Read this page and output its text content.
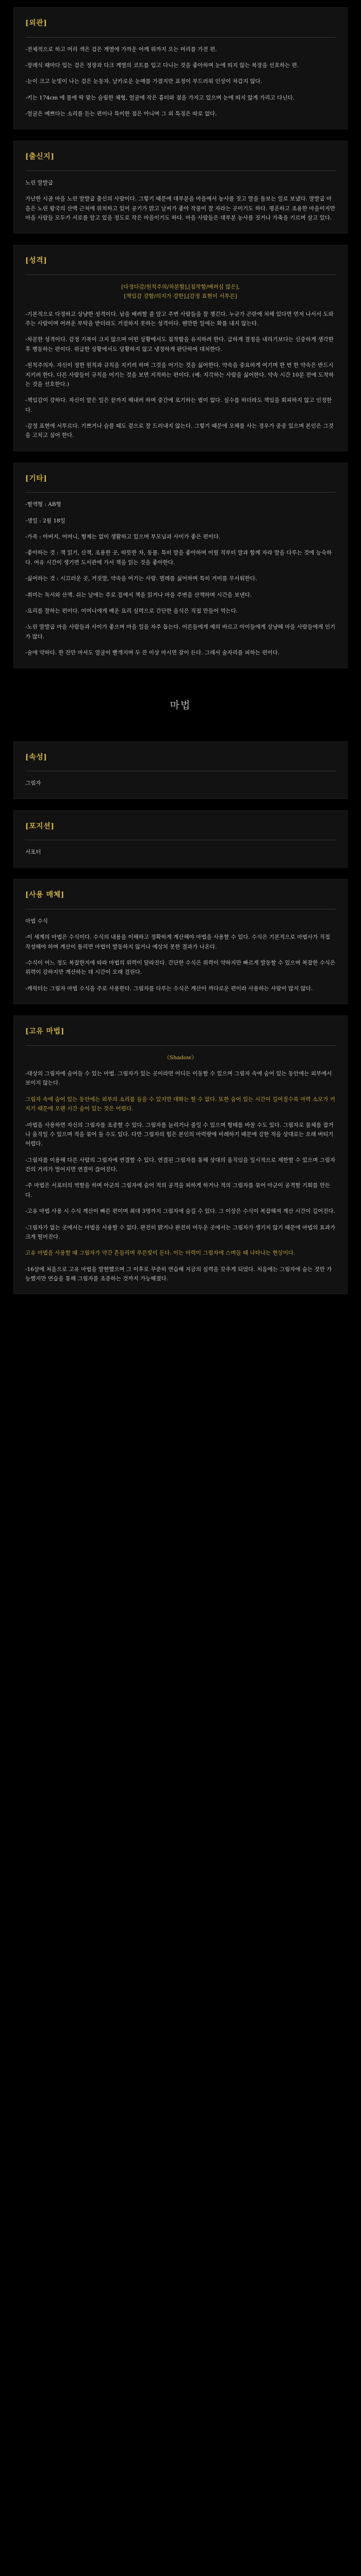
[외관]

-전체적으로 하고 머리 색은 검은 계열에 가까운 어깨 위까지 오는 머리를 가진 편.

-장례식 때마다 입는 검은 정장과 다크 계열의 코트를 입고 다니는 것을 좋아하며 눈에 띄지 않는 복장을 선호하는 편.

-눈이 크고 눈빛이 나는 검은 눈동자. 날카로운 눈매를 가졌지만 표정이 부드러워 인상이 차갑지 않다.

-키는 174cm 에 몸에 딱 맞는 슬림한 체형, 얼굴에 작은 흉터와 점을 가지고 있으며 눈에 띄지 않게 가리고 다닌다.

-얼굴은 예쁘다는 소리를 듣는 편이나 특이한 점은 아니며 그 외 특징은 따로 없다.

[출신지]

노린 말발굽

가난한 시골 마을 노린 말발굽 출신의 사람이다. 그렇기 때문에 대부분을 마을에서 농사를 짓고 말을 돌보는 일로 보냈다. 말발굽 마을은 노린 왕국의 산맥 근처에 위치하고 있어 공기가 맑고 날씨가 좋아 작물이 잘 자라는 곳이기도 하다. 평온하고 조용한 마을이지만 마을 사람들 모두가 서로를 알고 있을 정도로 작은 마을이기도 하다. 마을 사람들은 대부분 농사를 짓거나 가축을 기르며 살고 있다.

[성격]
[다정다감/원칙주의/차분함],[침착함/배려심 많은],
[책임감 강함/의지가 강한],[감정 표현이 서투른]

-기본적으로 다정하고 상냥한 성격이다. 남을 배려할 줄 알고 주변 사람들을 잘 챙긴다. 누군가 곤란에 처해 있다면 먼저 나서서 도와주는 사람이며 어려운 부탁을 받더라도 거절하지 못하는 성격이다. 웬만한 일에는 화를 내지 않는다.

-차분한 성격이다. 감정 기복이 크지 않으며 어떤 상황에서도 침착함을 유지하려 한다. 급하게 결정을 내리기보다는 신중하게 생각한 후 행동하는 편이다. 위급한 상황에서도 당황하지 않고 냉정하게 판단하여 대처한다.

-원칙주의자. 자신이 정한 원칙과 규칙을 지키려 하며 그것을 어기는 것을 싫어한다. 약속을 중요하게 여기며 한 번 한 약속은 반드시 지키려 한다. 다른 사람들이 규칙을 어기는 것을 보면 지적하는 편이다. (예: 지각하는 사람을 싫어한다. 약속 시간 10분 전에 도착하는 것을 선호한다.)

-책임감이 강하다. 자신이 맡은 일은 끝까지 해내려 하며 중간에 포기하는 법이 없다. 실수를 하더라도 책임을 회피하지 않고 인정한다.

-감정 표현에 서투르다. 기쁘거나 슬플 때도 겉으로 잘 드러내지 않는다. 그렇기 때문에 오해를 사는 경우가 종종 있으며 본인은 그것을 고치고 싶어 한다.

[기타]

-혈액형 : AB형

-생일 : 2월 18일

-가족 : 아버지, 어머니, 형제는 없이 생활하고 있으며 부모님과 사이가 좋은 편이다.

-좋아하는 것 : 책 읽기, 산책, 조용한 곳, 따뜻한 차, 동물. 특히 말을 좋아하며 어릴 적부터 말과 함께 자라 말을 다루는 것에 능숙하다. 여유 시간이 생기면 도서관에 가서 책을 읽는 것을 좋아한다.

-싫어하는 것 : 시끄러운 곳, 거짓말, 약속을 어기는 사람. 벌레를 싫어하며 특히 거미를 무서워한다.

-취미는 독서와 산책. 쉬는 날에는 주로 집에서 책을 읽거나 마을 주변을 산책하며 시간을 보낸다.

-요리를 잘하는 편이다. 어머니에게 배운 요리 실력으로 간단한 음식은 직접 만들어 먹는다.

-노린 말발굽 마을 사람들과 사이가 좋으며 마을 일을 자주 돕는다. 어른들에게 예의 바르고 아이들에게 상냥해 마을 사람들에게 인기가 많다.

-술에 약하다. 한 잔만 마셔도 얼굴이 빨개지며 두 잔 이상 마시면 잠이 든다. 그래서 술자리를 피하는 편이다.

마법
[속성]

그림자

[포지션]

서포터

[사용 매체]

마법 수식

-이 세계의 마법은 수식이다. 수식의 내용을 이해하고 정확하게 계산해야 마법을 사용할 수 있다. 수식은 기본적으로 마법사가 직접 작성해야 하며 계산이 틀리면 마법이 발동하지 않거나 예상치 못한 결과가 나온다.

-수식이 어느 정도 복잡한지에 따라 마법의 위력이 달라진다. 간단한 수식은 위력이 약하지만 빠르게 발동할 수 있으며 복잡한 수식은 위력이 강하지만 계산하는 데 시간이 오래 걸린다.

-캐릭터는 그림자 마법 수식을 주로 사용한다. 그림자를 다루는 수식은 계산이 까다로운 편이라 사용하는 사람이 많지 않다.

[고유 마법]

《Shadow》

-대상의 그림자에 숨어들 수 있는 마법. 그림자가 있는 곳이라면 어디든 이동할 수 있으며 그림자 속에 숨어 있는 동안에는 외부에서 보이지 않는다.

그림자 속에 숨어 있는 동안에는 외부의 소리를 들을 수 있지만 대화는 할 수 없다. 또한 숨어 있는 시간이 길어질수록 마력 소모가 커지기 때문에 오랜 시간 숨어 있는 것은 어렵다.

-마법을 사용하면 자신의 그림자를 조종할 수 있다. 그림자를 늘리거나 줄일 수 있으며 형태를 바꿀 수도 있다. 그림자로 물체를 잡거나 움직일 수 있으며 적을 묶어 둘 수도 있다. 다만 그림자의 힘은 본인의 마력량에 비례하기 때문에 강한 적을 상대로는 오래 버티기 어렵다.

-그림자를 이용해 다른 사람의 그림자에 연결할 수 있다. 연결된 그림자를 통해 상대의 움직임을 일시적으로 제한할 수 있으며 그림자 간의 거리가 멀어지면 연결이 끊어진다.

-주 마법은 서포터의 역할을 하며 아군의 그림자에 숨어 적의 공격을 피하게 하거나 적의 그림자를 묶어 아군이 공격할 기회를 만든다.

-고유 마법 사용 시 수식 계산이 빠른 편이며 최대 3명까지 그림자에 숨길 수 있다. 그 이상은 수식이 복잡해져 계산 시간이 길어진다.

-그림자가 없는 곳에서는 마법을 사용할 수 없다. 완전히 밝거나 완전히 어두운 곳에서는 그림자가 생기지 않기 때문에 마법의 효과가 크게 떨어진다.

고유 마법을 사용할 때 그림자가 약간 흔들리며 푸른빛이 돈다. 이는 마력이 그림자에 스며들 때 나타나는 현상이다.

-16살에 처음으로 고유 마법을 발현했으며 그 이후로 꾸준히 연습해 지금의 실력을 갖추게 되었다. 처음에는 그림자에 숨는 것만 가능했지만 연습을 통해 그림자를 조종하는 것까지 가능해졌다.
